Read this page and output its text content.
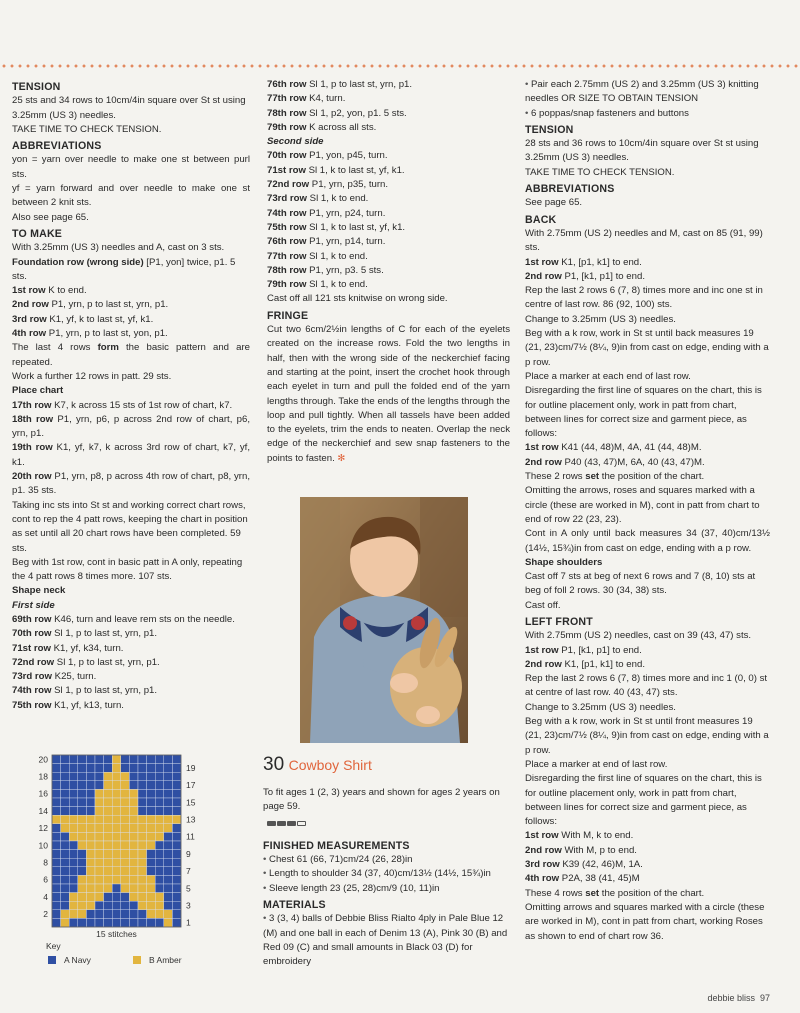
TENSION

25 sts and 34 rows to 10cm/4in square over St st using 3.25mm (US 3) needles.

TAKE TIME TO CHECK TENSION.

ABBREVIATIONS

yon = yarn over needle to make one st between purl sts.

yf = yarn forward and over needle to make one st between 2 knit sts.

Also see page 65.

TO MAKE

With 3.25mm (US 3) needles and A, cast on 3 sts.

Foundation row (wrong side) [P1, yon] twice, p1. 5 sts.

1st row K to end.

2nd row P1, yrn, p to last st, yrn, p1.

3rd row K1, yf, k to last st, yf, k1.

4th row P1, yrn, p to last st, yon, p1.

The last 4 rows form the basic pattern and are repeated.

Work a further 12 rows in patt. 29 sts.

Place chart

17th row K7, k across 15 sts of 1st row of chart, k7.

18th row P1, yrn, p6, p across 2nd row of chart, p6, yrn, p1.

19th row K1, yf, k7, k across 3rd row of chart, k7, yf, k1.

20th row P1, yrn, p8, p across 4th row of chart, p8, yrn, p1. 35 sts.

Taking inc sts into St st and working correct chart rows, cont to rep the 4 patt rows, keeping the chart in position as set until all 20 chart rows have been completed. 59 sts.

Beg with 1st row, cont in basic patt in A only, repeating the 4 patt rows 8 times more. 107 sts.

Shape neck

First side

69th row K46, turn and leave rem sts on the needle.

70th row Sl 1, p to last st, yrn, p1.

71st row K1, yf, k34, turn.

72nd row Sl 1, p to last st, yrn, p1.

73rd row K25, turn.

74th row Sl 1, p to last st, yrn, p1.

75th row K1, yf, k13, turn.

76th row Sl 1, p to last st, yrn, p1.

77th row K4, turn.

78th row Sl 1, p2, yon, p1. 5 sts.

79th row K across all sts.

Second side

70th row P1, yon, p45, turn.

71st row Sl 1, k to last st, yf, k1.

72nd row P1, yrn, p35, turn.

73rd row Sl 1, k to end.

74th row P1, yrn, p24, turn.

75th row Sl 1, k to last st, yf, k1.

76th row P1, yrn, p14, turn.

77th row Sl 1, k to end.

78th row P1, yrn, p3. 5 sts.

79th row Sl 1, k to end.

Cast off all 121 sts knitwise on wrong side.

FRINGE

Cut two 6cm/2½in lengths of C for each of the eyelets created on the increase rows. Fold the two lengths in half, then with the wrong side of the neckerchief facing and starting at the point, insert the crochet hook through each eyelet in turn and pull the folded end of the yarn lengths through. Take the ends of the lengths through the loop and pull tightly. When all tassels have been added to the eyelets, trim the ends to neaten. Overlap the neck edge of the neckerchief and sew snap fasteners to the points to fasten. ✻

30 Cowboy Shirt

To fit ages 1 (2, 3) years and shown for ages 2 years on page 59.

FINISHED MEASUREMENTS

• Chest 61 (66, 71)cm/24 (26, 28)in

• Length to shoulder 34 (37, 40)cm/13½ (14½, 15¾)in

• Sleeve length 23 (25, 28)cm/9 (10, 11)in

MATERIALS

• 3 (3, 4) balls of Debbie Bliss Rialto 4ply in Pale Blue 12 (M) and one ball in each of Denim 13 (A), Pink 30 (B) and Red 09 (C) and small amounts in Black 03 (D) for embroidery

• Pair each 2.75mm (US 2) and 3.25mm (US 3) knitting needles OR SIZE TO OBTAIN TENSION

• 6 poppas/snap fasteners and buttons

TENSION

28 sts and 36 rows to 10cm/4in square over St st using 3.25mm (US 3) needles.

TAKE TIME TO CHECK TENSION.

ABBREVIATIONS

See page 65.

BACK

With 2.75mm (US 2) needles and M, cast on 85 (91, 99) sts.

1st row K1, [p1, k1] to end.

2nd row P1, [k1, p1] to end.

Rep the last 2 rows 6 (7, 8) times more and inc one st in centre of last row. 86 (92, 100) sts.

Change to 3.25mm (US 3) needles.

Beg with a k row, work in St st until back measures 19 (21, 23)cm/7½ (8¼, 9)in from cast on edge, ending with a p row.

Place a marker at each end of last row.

Disregarding the first line of squares on the chart, this is for outline placement only, work in patt from chart, between lines for correct size and garment piece, as follows:

1st row K41 (44, 48)M, 4A, 41 (44, 48)M.

2nd row P40 (43, 47)M, 6A, 40 (43, 47)M.

These 2 rows set the position of the chart.

Omitting the arrows, roses and squares marked with a circle (these are worked in M), cont in patt from chart to end of row 22 (23, 23).

Cont in A only until back measures 34 (37, 40)cm/13½ (14½, 15¾)in from cast on edge, ending with a p row.

Shape shoulders

Cast off 7 sts at beg of next 6 rows and 7 (8, 10) sts at beg of foll 2 rows. 30 (34, 38) sts.

Cast off.

LEFT FRONT

With 2.75mm (US 2) needles, cast on 39 (43, 47) sts.

1st row P1, [k1, p1] to end.

2nd row K1, [p1, k1] to end.

Rep the last 2 rows 6 (7, 8) times more and inc 1 (0, 0) st at centre of last row. 40 (43, 47) sts.

Change to 3.25mm (US 3) needles.

Beg with a k row, work in St st until front measures 19 (21, 23)cm/7½ (8¼, 9)in from cast on edge, ending with a p row.

Place a marker at end of last row.

Disregarding the first line of squares on the chart, this is for outline placement only, work in patt from chart, between lines for correct size and garment piece, as follows:

1st row With M, k to end.

2nd row With M, p to end.

3rd row K39 (42, 46)M, 1A.

4th row P2A, 38 (41, 45)M

These 4 rows set the position of the chart.

Omitting arrows and squares marked with a circle (these are worked in M), cont in patt from chart, working Roses as shown to end of chart row 36.

20
18
16
14
12
10
8
6
4
2
19
17
15
13
11
9
7
5
3
1
15 stitches
Key
A Navy	B Amber
debbie bliss 97
